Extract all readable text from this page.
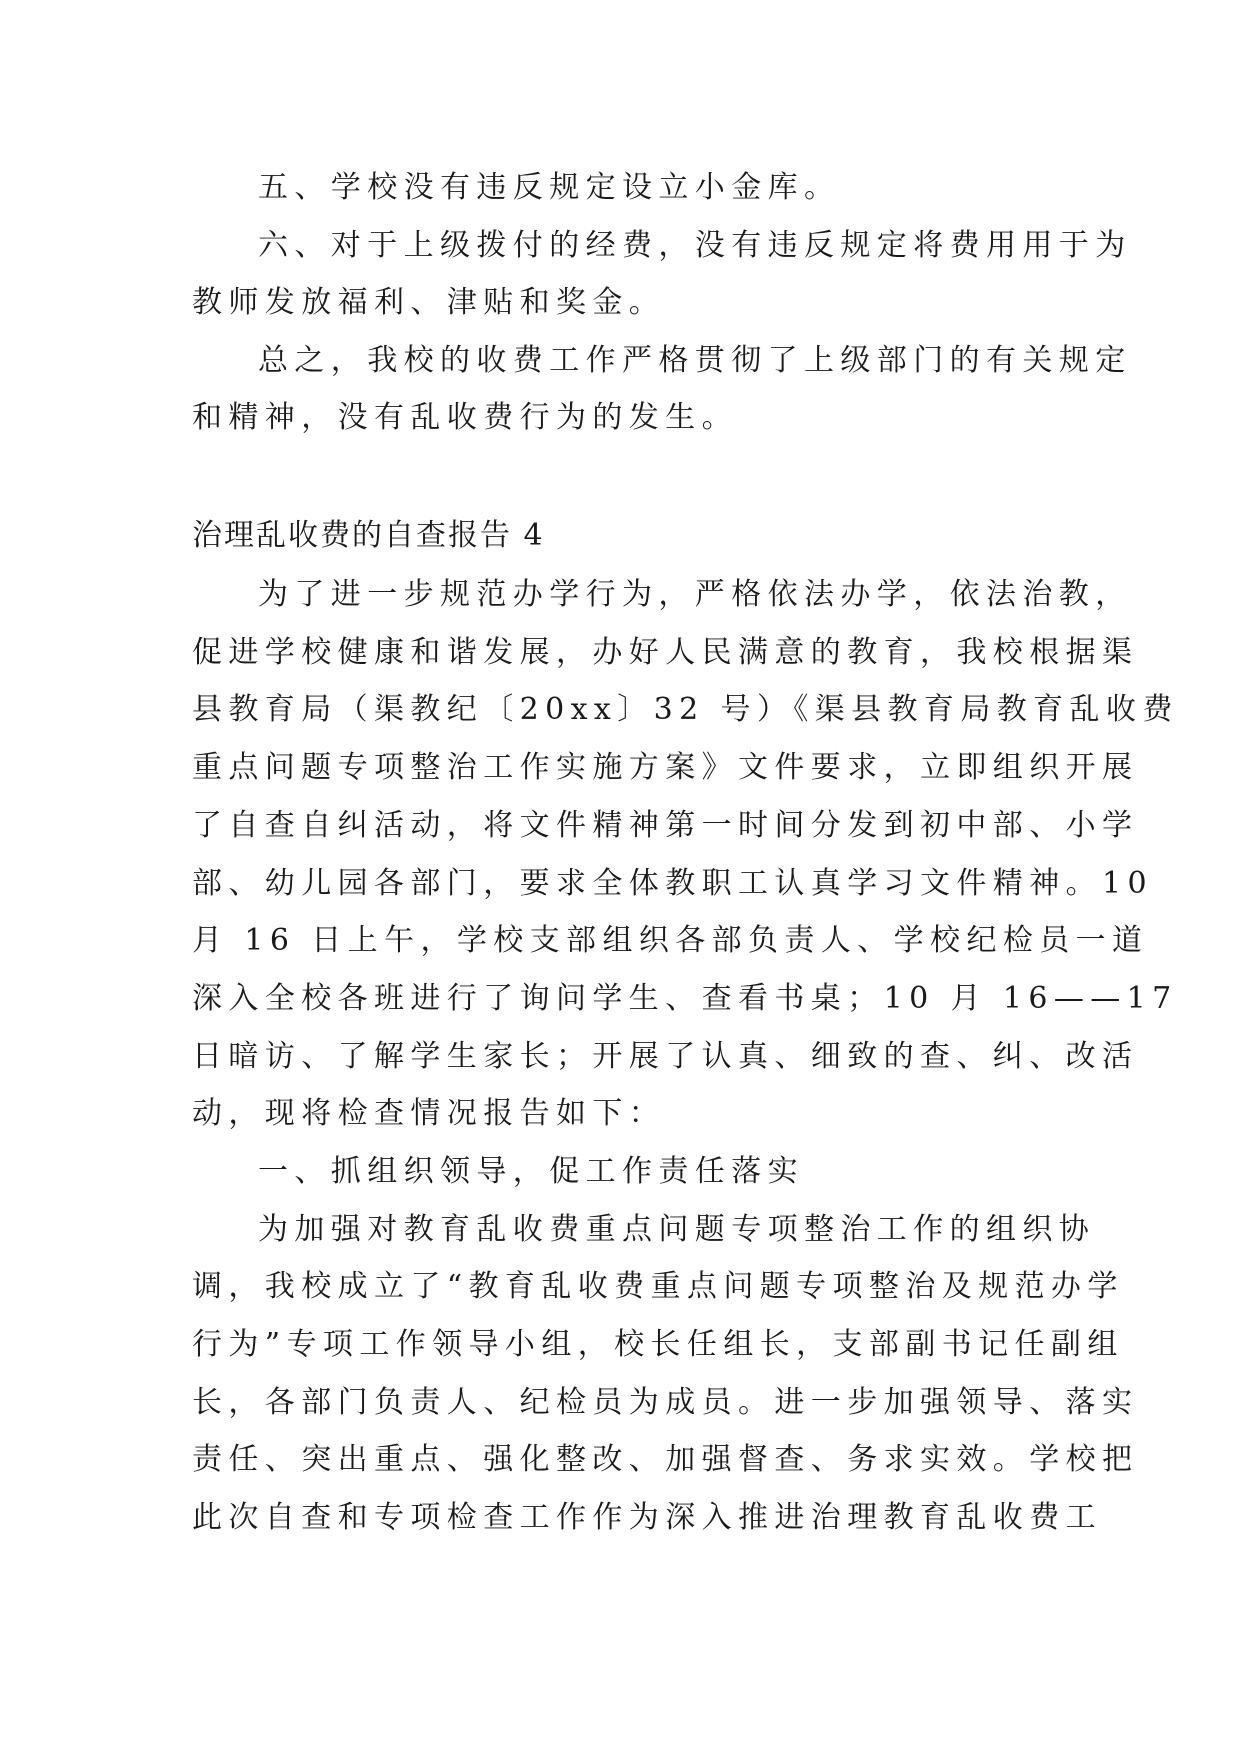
五、学校没有违反规定设立小金库。

六、对于上级拨付的经费，没有违反规定将费用用于为

教师发放福利、津贴和奖金。

总之，我校的收费工作严格贯彻了上级部门的有关规定

和精神，没有乱收费行为的发生。

治理乱收费的自查报告 4

为了进一步规范办学行为，严格依法办学，依法治教，

促进学校健康和谐发展，办好人民满意的教育，我校根据渠

县教育局（渠教纪〔20xx〕32 号）《渠县教育局教育乱收费

重点问题专项整治工作实施方案》文件要求，立即组织开展

了自查自纠活动，将文件精神第一时间分发到初中部、小学

部、幼儿园各部门，要求全体教职工认真学习文件精神。10

月 16 日上午，学校支部组织各部负责人、学校纪检员一道

深入全校各班进行了询问学生、查看书桌；10 月 16——17

日暗访、了解学生家长；开展了认真、细致的查、纠、改活

动，现将检查情况报告如下：

一、抓组织领导，促工作责任落实

为加强对教育乱收费重点问题专项整治工作的组织协

调，我校成立了“教育乱收费重点问题专项整治及规范办学

行为”专项工作领导小组，校长任组长，支部副书记任副组

长，各部门负责人、纪检员为成员。进一步加强领导、落实

责任、突出重点、强化整改、加强督查、务求实效。学校把

此次自查和专项检查工作作为深入推进治理教育乱收费工
